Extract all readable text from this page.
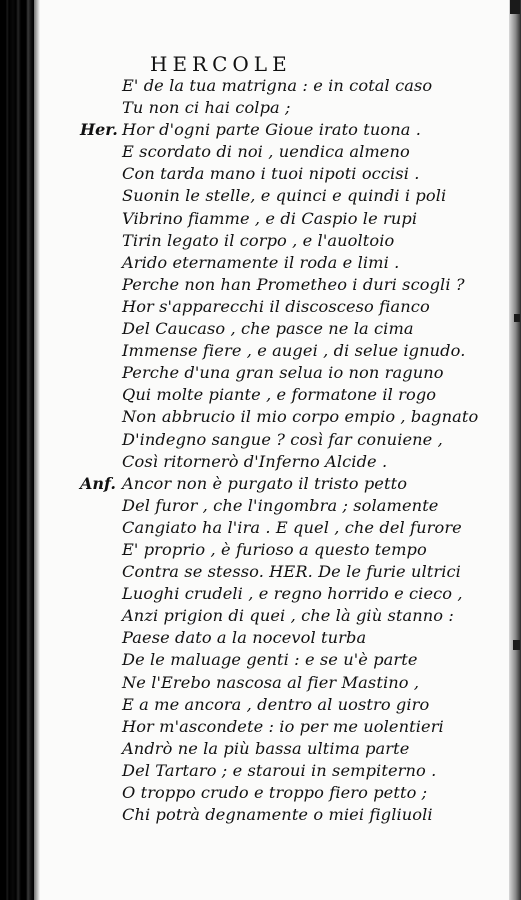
HERCOLE
E' de la tua matrigna : e in cotal caso
Tu non ci hai colpa ;
Her. Hor d'ogni parte Gioue irato tuona .
E scordato di noi , uendica almeno
Con tarda mano i tuoi nipoti occisi .
Suonin le stelle, e quinci e quindi i poli
Vibrino fiamme , e di Caspio le rupi
Tirin legato il corpo , e l'auoltoio
Arido eternamente il roda e limi .
Perche non han Prometheo i duri scogli ?
Hor s'apparecchi il discosceso fianco
Del Caucaso , che pasce ne la cima
Immense fiere , e augei , di selue ignudo.
Perche d'una gran selua io non raguno
Qui molte piante , e formatone il rogo
Non abbrucio il mio corpo empio , bagnato
D'indegno sangue ? così far conuiene ,
Così ritornerò d'Inferno Alcide .
Anf. Ancor non è purgato il tristo petto
Del furor , che l'ingombra ; solamente
Cangiato ha l'ira . E quel , che del furore
E' proprio , è furioso a questo tempo
Contra se stesso. HER. De le furie ultrici
Luoghi crudeli , e regno horrido e cieco ,
Anzi prigion di quei , che là giù stanno :
Paese dato a la nocevol turba
De le maluage genti : e se u'è parte
Ne l'Erebo nascosa al fier Mastino ,
E a me ancora , dentro al uostro giro
Hor m'ascondete : io per me uolentieri
Andrò ne la più bassa ultima parte
Del Tartaro ; e staroui in sempiterno .
O troppo crudo e troppo fiero petto ;
Chi potrà degnamente o miei figliuoli
